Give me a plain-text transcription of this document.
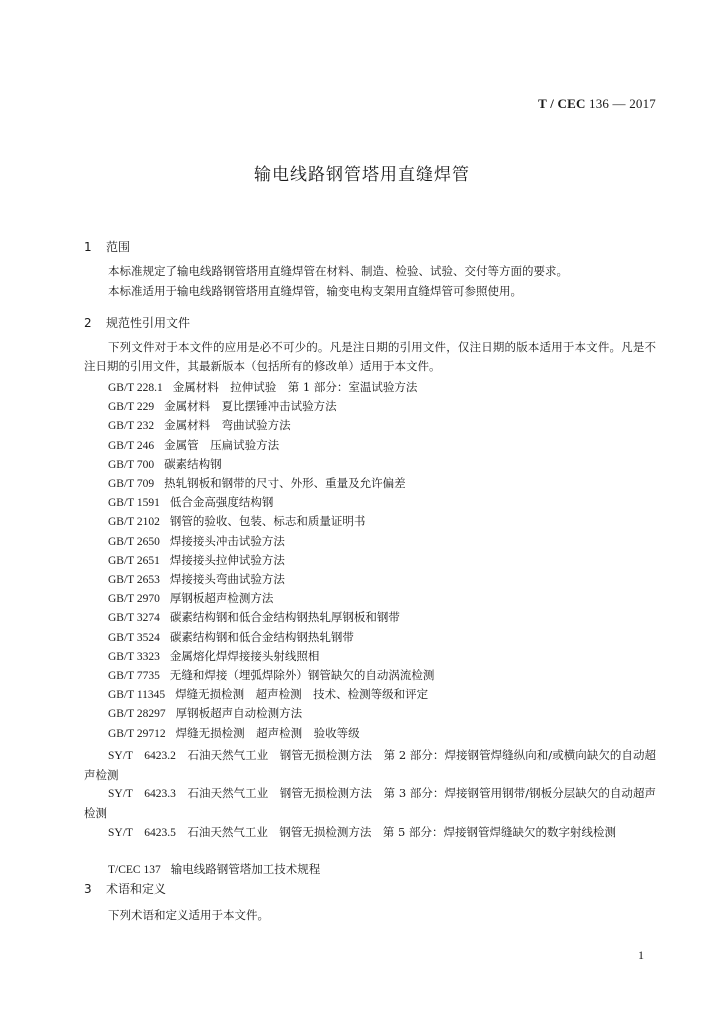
T / CEC 136 — 2017
输电线路钢管塔用直缝焊管
1 范围
本标准规定了输电线路钢管塔用直缝焊管在材料、制造、检验、试验、交付等方面的要求。
本标准适用于输电线路钢管塔用直缝焊管，输变电构支架用直缝焊管可参照使用。
2 规范性引用文件
下列文件对于本文件的应用是必不可少的。凡是注日期的引用文件，仅注日期的版本适用于本文件。凡是不注日期的引用文件，其最新版本（包括所有的修改单）适用于本文件。
GB/T 228.1 金属材料　拉伸试验　第 1 部分：室温试验方法
GB/T 229 金属材料　夏比摆锤冲击试验方法
GB/T 232 金属材料　弯曲试验方法
GB/T 246 金属管　压扁试验方法
GB/T 700 碳素结构钢
GB/T 709 热轧钢板和钢带的尺寸、外形、重量及允许偏差
GB/T 1591 低合金高强度结构钢
GB/T 2102 钢管的验收、包装、标志和质量证明书
GB/T 2650 焊接接头冲击试验方法
GB/T 2651 焊接接头拉伸试验方法
GB/T 2653 焊接接头弯曲试验方法
GB/T 2970 厚钢板超声检测方法
GB/T 3274 碳素结构钢和低合金结构钢热轧厚钢板和钢带
GB/T 3524 碳素结构钢和低合金结构钢热轧钢带
GB/T 3323 金属熔化焊焊接接头射线照相
GB/T 7735 无缝和焊接（埋弧焊除外）钢管缺欠的自动涡流检测
GB/T 11345 焊缝无损检测　超声检测　技术、检测等级和评定
GB/T 28297 厚钢板超声自动检测方法
GB/T 29712 焊缝无损检测　超声检测　验收等级
SY/T　6423.2　 石油天然气工业　钢管无损检测方法　第 2 部分：焊接钢管焊缝纵向和/或横向缺欠的自动超声检测
SY/T　6423.3　 石油天然气工业　钢管无损检测方法　第 3 部分：焊接钢管用钢带/钢板分层缺欠的自动超声检测
SY/T　6423.5　 石油天然气工业　钢管无损检测方法　第 5 部分：焊接钢管焊缝缺欠的数字射线检测
T/CEC 137 输电线路钢管塔加工技术规程
3 术语和定义
下列术语和定义适用于本文件。
1
